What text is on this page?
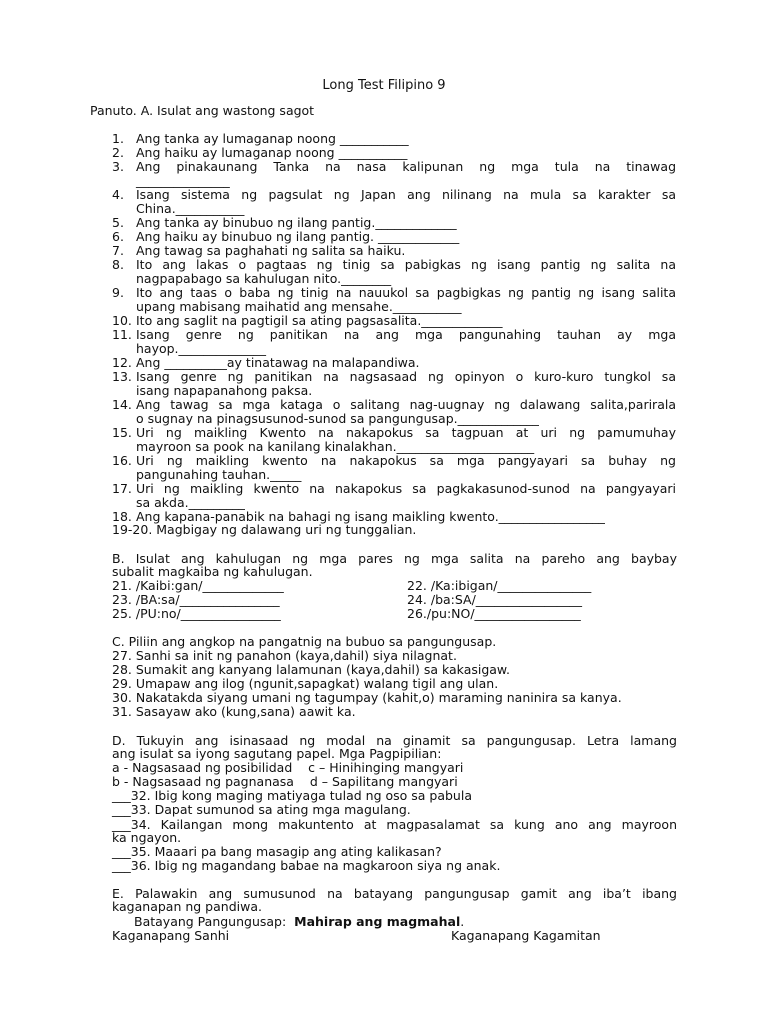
Long Test Filipino 9
Panuto. A. Isulat ang wastong sagot
1. Ang tanka ay lumaganap noong ___________
2. Ang haiku ay lumaganap noong ___________
3. Ang pinakaunang Tanka na nasa kalipunan ng mga tula na tinawag
_______________
4. Isang sistema ng pagsulat ng Japan ang nilinang na mula sa karakter sa
China.___________
5. Ang tanka ay binubuo ng ilang pantig._____________
6. Ang haiku ay binubuo ng ilang pantig. _____________
7. Ang tawag sa paghahati ng salita sa haiku.
8. Ito ang lakas o pagtaas ng tinig sa pabigkas ng isang pantig ng salita na
nagpapabago sa kahulugan nito.________
9. Ito ang taas o baba ng tinig na nauukol sa pagbigkas ng pantig ng isang salita
upang mabisang maihatid ang mensahe.___________
10. Ito ang saglit na pagtigil sa ating pagsasalita._____________
11. Isang genre ng panitikan na ang mga pangunahing tauhan ay mga
hayop.______________
12. Ang __________ay tinatawag na malapandiwa.
13. Isang genre ng panitikan na nagsasaad ng opinyon o kuro-kuro tungkol sa
isang napapanahong paksa.
14. Ang tawag sa mga kataga o salitang nag-uugnay ng dalawang salita,parirala
o sugnay na pinagsusunod-sunod sa pangungusap._____________
15. Uri ng maikling Kwento na nakapokus sa tagpuan at uri ng pamumuhay
mayroon sa pook na kanilang kinalakhan.______________________
16. Uri ng maikling kwento na nakapokus sa mga pangyayari sa buhay ng
pangunahing tauhan._____
17. Uri ng maikling kwento na nakapokus sa pagkakasunod-sunod na pangyayari
sa akda._________
18. Ang kapana-panabik na bahagi ng isang maikling kwento._________________
19-20. Magbigay ng dalawang uri ng tunggalian.
B. Isulat ang kahulugan ng mga pares ng mga salita na pareho ang baybay
subalit magkaiba ng kahulugan.
21. /Kaibi:gan/_____________	22. /Ka:ibigan/_______________
23. /BA:sa/________________	24. /ba:SA/_________________
25. /PU:no/________________	26./pu:NO/_________________
C. Piliin ang angkop na pangatnig na bubuo sa pangungusap.
27. Sanhi sa init ng panahon (kaya,dahil) siya nilagnat.
28. Sumakit ang kanyang lalamunan (kaya,dahil) sa kakasigaw.
29. Umapaw ang ilog (ngunit,sapagkat) walang tigil ang ulan.
30. Nakatakda siyang umani ng tagumpay (kahit,o) maraming naninira sa kanya.
31. Sasayaw ako (kung,sana) aawit ka.
D. Tukuyin ang isinasaad ng modal na ginamit sa pangungusap. Letra lamang
ang isulat sa iyong sagutang papel. Mga Pagpipilian:
a - Nagsasaad ng posibilidad    c – Hinihinging mangyari
b - Nagsasaad ng pagnanasa    d – Sapilitang mangyari
___32. Ibig kong maging matiyaga tulad ng oso sa pabula
___33. Dapat sumunod sa ating mga magulang.
___34. Kailangan mong makuntento at magpasalamat sa kung ano ang mayroon
ka ngayon.
___35. Maaari pa bang masagip ang ating kalikasan?
___36. Ibig ng magandang babae na magkaroon siya ng anak.
E. Palawakin ang sumusunod na batayang pangungusap gamit ang iba’t ibang
kaganapan ng pandiwa.
Batayang Pangungusap: Mahirap ang magmahal.
Kaganapang Sanhi	Kaganapang Kagamitan
